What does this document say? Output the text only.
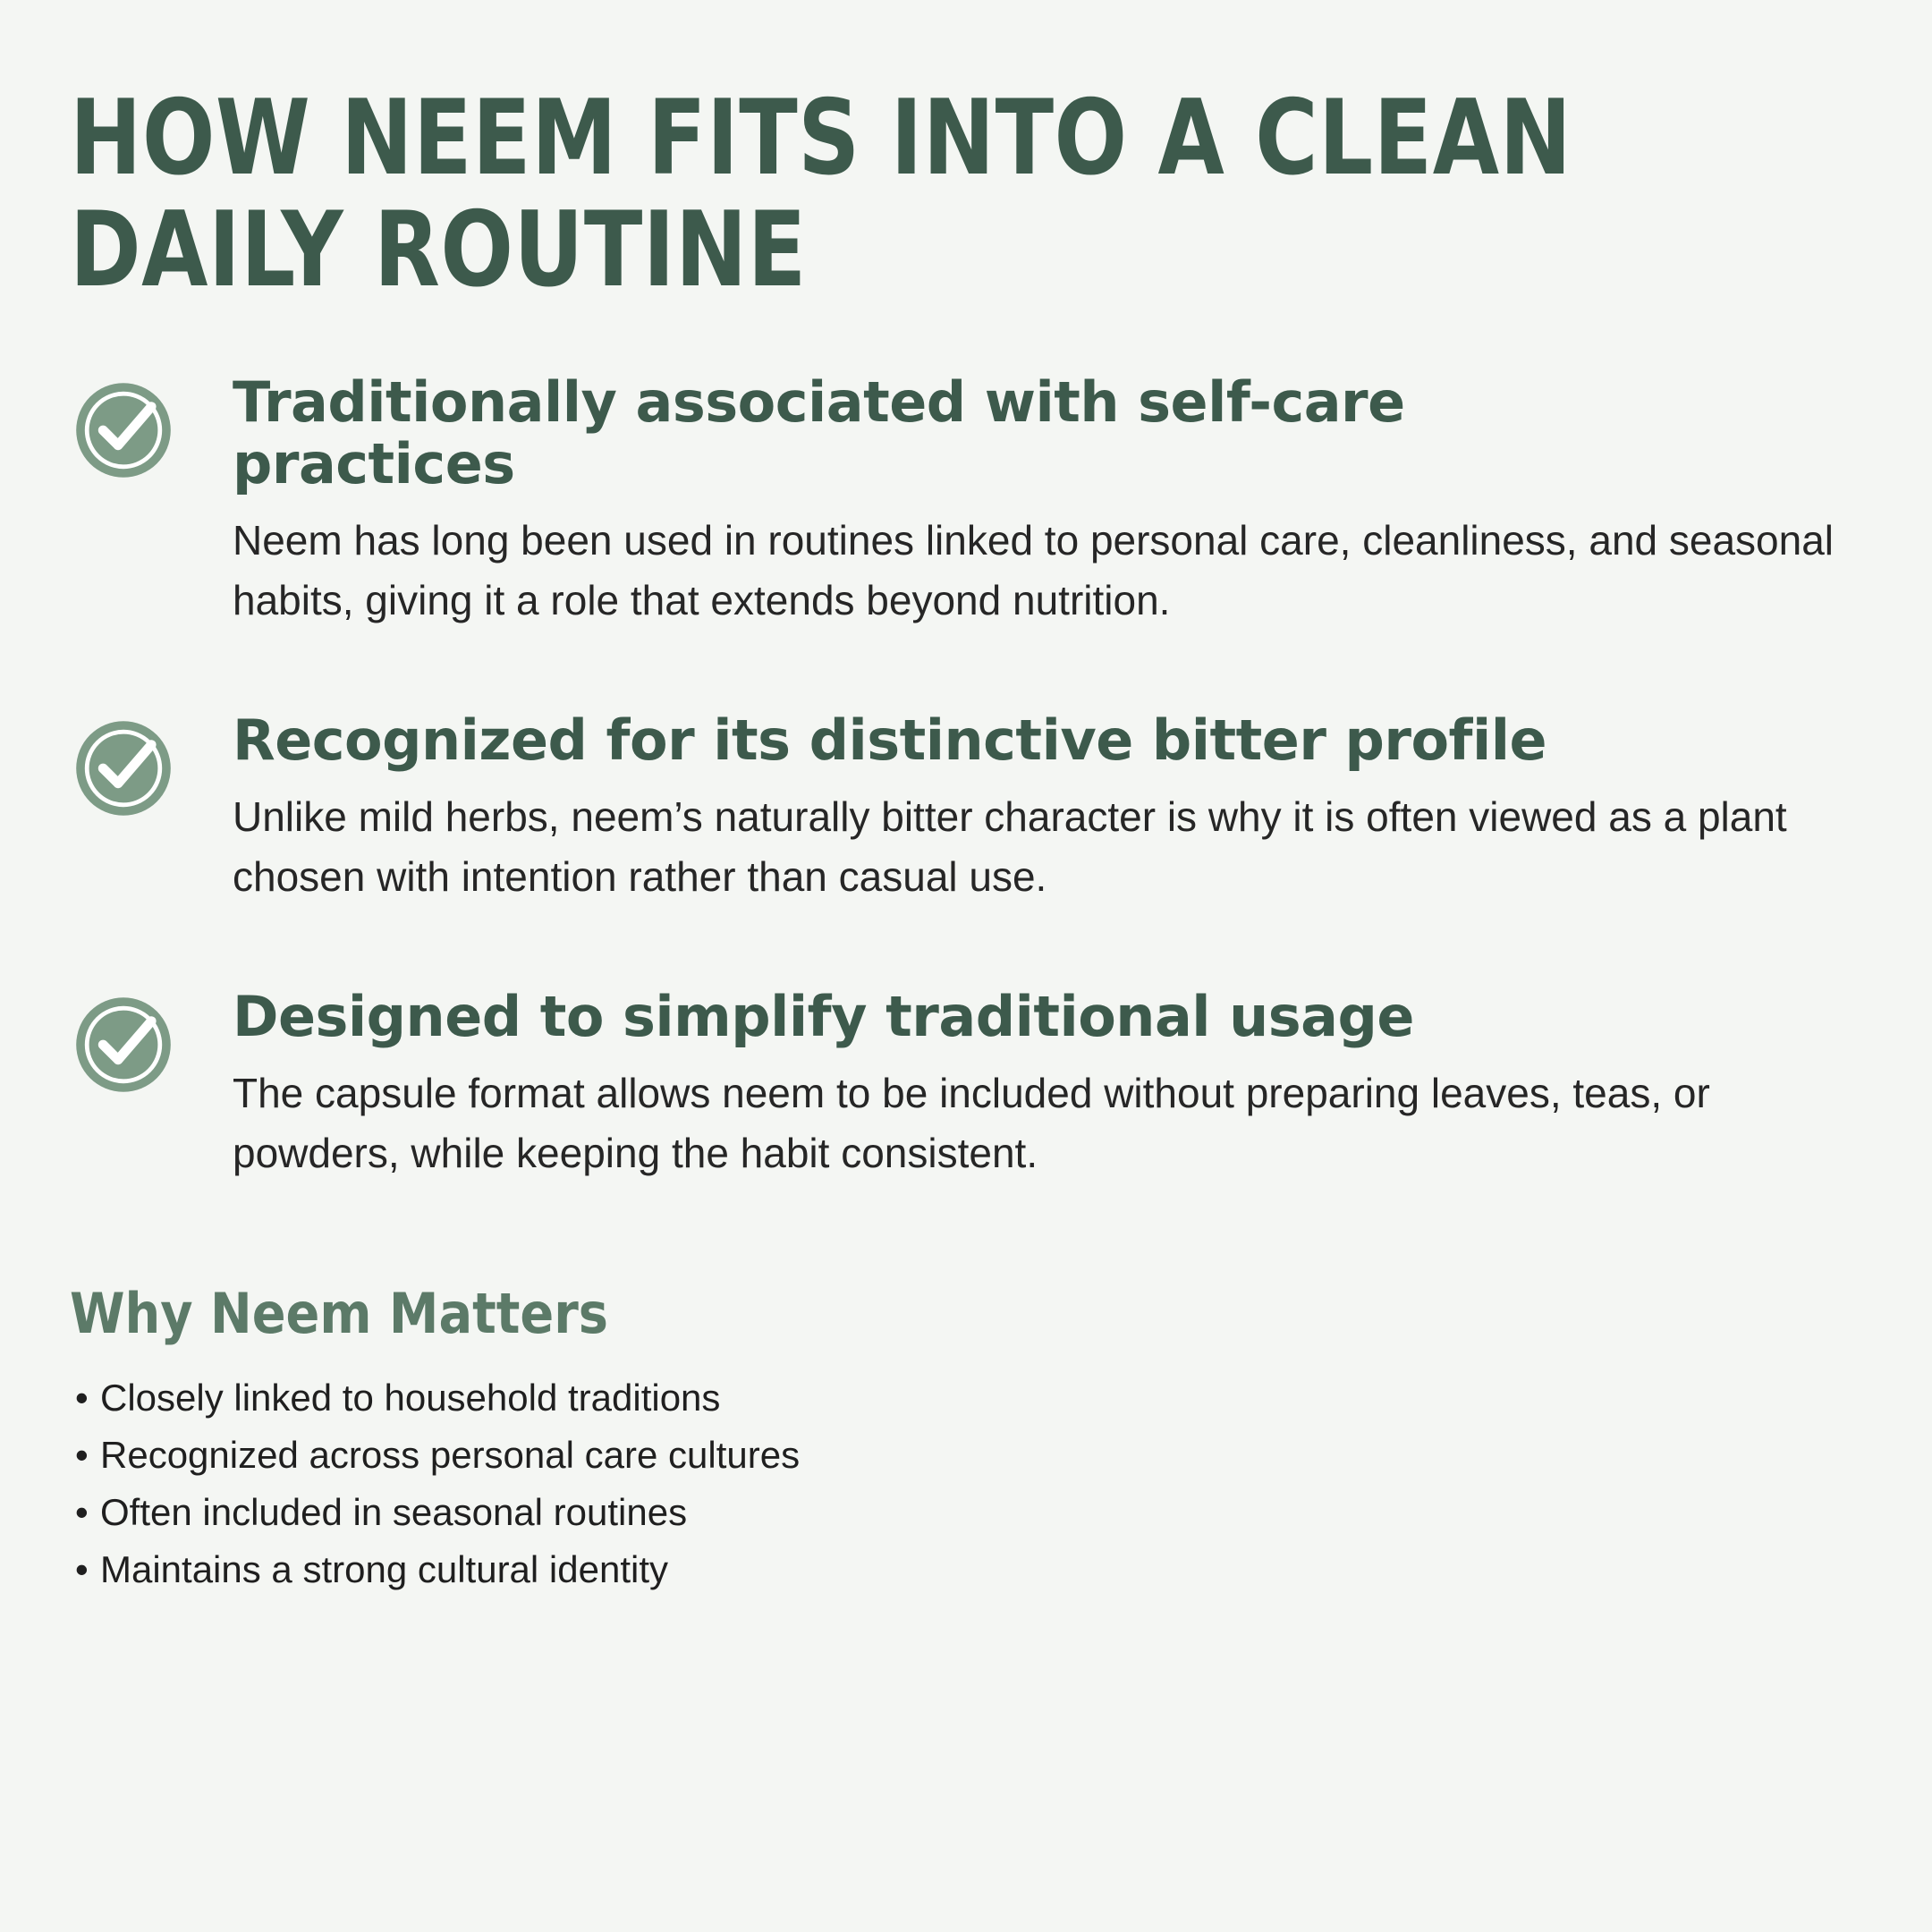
HOW NEEM FITS INTO A CLEAN DAILY ROUTINE

Traditionally associated with self-care practices

Neem has long been used in routines linked to personal care, cleanliness, and seasonal habits, giving it a role that extends beyond nutrition.

Recognized for its distinctive bitter profile

Unlike mild herbs, neem’s naturally bitter character is why it is often viewed as a plant chosen with intention rather than casual use.

Designed to simplify traditional usage

The capsule format allows neem to be included without preparing leaves, teas, or powders, while keeping the habit consistent.

Why Neem Matters
• Closely linked to household traditions
• Recognized across personal care cultures
• Often included in seasonal routines
• Maintains a strong cultural identity
